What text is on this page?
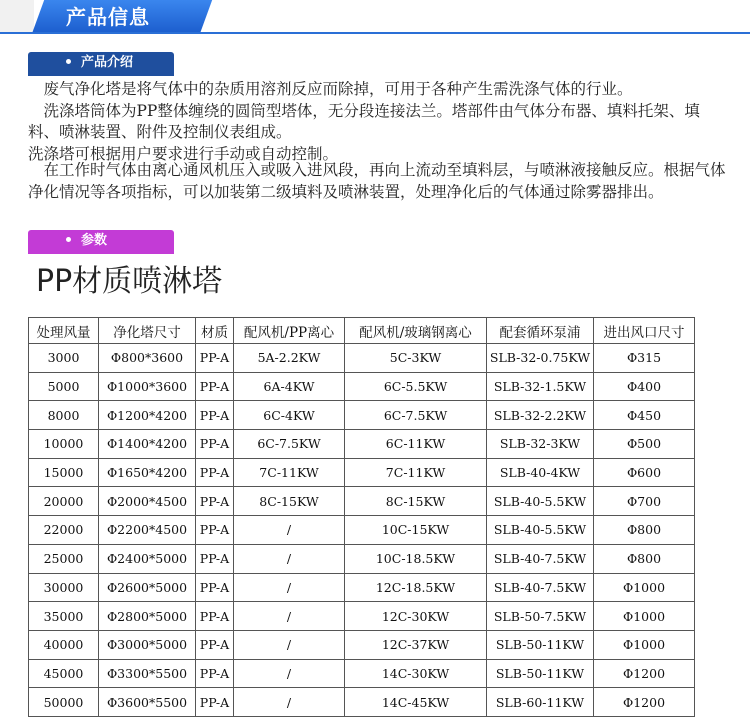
产品信息
产品介绍
　废气净化塔是将气体中的杂质用溶剂反应而除掉，可用于各种产生需洗涤气体的行业。
　洗涤塔筒体为PP整体缠绕的圆筒型塔体，无分段连接法兰。塔部件由气体分布器、填料托架、填料、喷淋装置、附件及控制仪表组成。
洗涤塔可根据用户要求进行手动或自动控制。
　在工作时气体由离心通风机压入或吸入进风段，再向上流动至填料层，与喷淋液接触反应。根据气体净化情况等各项指标，可以加装第二级填料及喷淋装置，处理净化后的气体通过除雾器排出。
参数
PP材质喷淋塔
处理风量	净化塔尺寸	材质	配风机/PP离心	配风机/玻璃钢离心	配套循环泵浦	进出风口尺寸
3000	Φ800*3600	PP-A	5A-2.2KW	5C-3KW	SLB-32-0.75KW	Φ315
5000	Φ1000*3600	PP-A	6A-4KW	6C-5.5KW	SLB-32-1.5KW	Φ400
8000	Φ1200*4200	PP-A	6C-4KW	6C-7.5KW	SLB-32-2.2KW	Φ450
10000	Φ1400*4200	PP-A	6C-7.5KW	6C-11KW	SLB-32-3KW	Φ500
15000	Φ1650*4200	PP-A	7C-11KW	7C-11KW	SLB-40-4KW	Φ600
20000	Φ2000*4500	PP-A	8C-15KW	8C-15KW	SLB-40-5.5KW	Φ700
22000	Φ2200*4500	PP-A	/	10C-15KW	SLB-40-5.5KW	Φ800
25000	Φ2400*5000	PP-A	/	10C-18.5KW	SLB-40-7.5KW	Φ800
30000	Φ2600*5000	PP-A	/	12C-18.5KW	SLB-40-7.5KW	Φ1000
35000	Φ2800*5000	PP-A	/	12C-30KW	SLB-50-7.5KW	Φ1000
40000	Φ3000*5000	PP-A	/	12C-37KW	SLB-50-11KW	Φ1000
45000	Φ3300*5500	PP-A	/	14C-30KW	SLB-50-11KW	Φ1200
50000	Φ3600*5500	PP-A	/	14C-45KW	SLB-60-11KW	Φ1200
